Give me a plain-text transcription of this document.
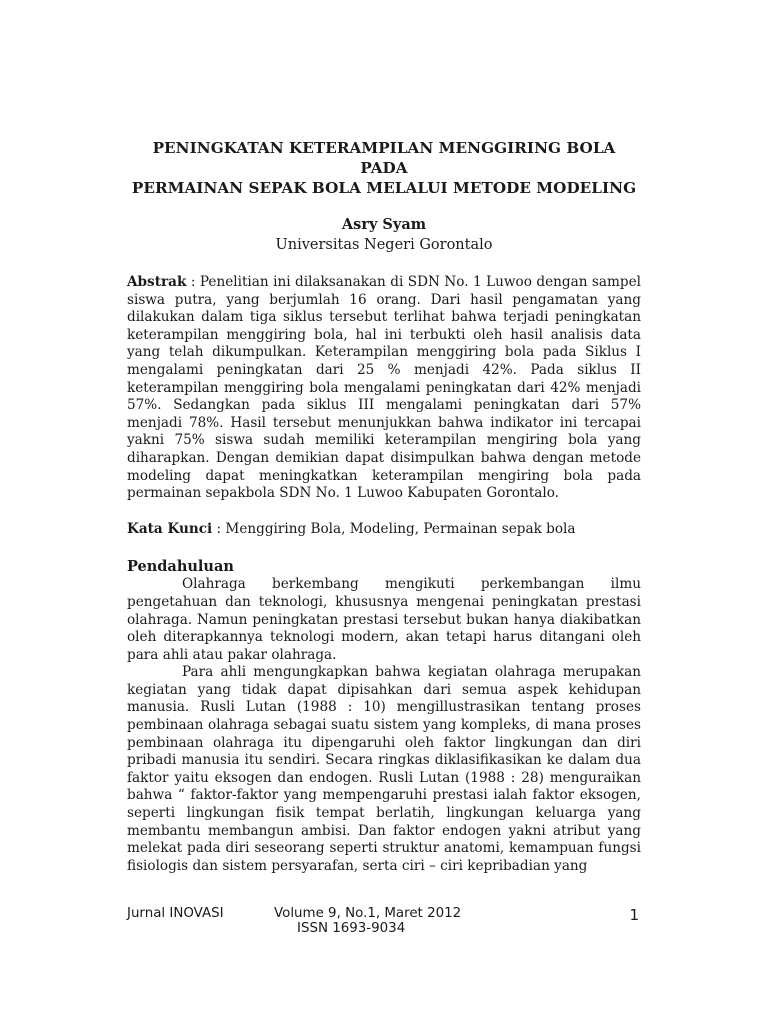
PENINGKATAN KETERAMPILAN MENGGIRING BOLA PADA
PERMAINAN SEPAK BOLA MELALUI METODE MODELING

Asry Syam

Universitas Negeri Gorontalo

Abstrak : Penelitian ini dilaksanakan di SDN No. 1 Luwoo dengan sampel siswa putra, yang berjumlah 16 orang. Dari hasil pengamatan yang dilakukan dalam tiga siklus tersebut terlihat bahwa terjadi peningkatan keterampilan menggiring bola, hal ini terbukti oleh hasil analisis data yang telah dikumpulkan. Keterampilan menggiring bola pada Siklus I mengalami peningkatan dari 25 % menjadi 42%. Pada siklus II keterampilan menggiring bola mengalami peningkatan dari 42% menjadi 57%. Sedangkan pada siklus III mengalami peningkatan dari 57% menjadi 78%. Hasil tersebut menunjukkan bahwa indikator ini tercapai yakni 75% siswa sudah memiliki keterampilan mengiring bola yang diharapkan. Dengan demikian dapat disimpulkan bahwa dengan metode modeling dapat meningkatkan keterampilan mengiring bola pada permainan sepakbola SDN No. 1 Luwoo Kabupaten Gorontalo.

Kata Kunci : Menggiring Bola, Modeling, Permainan sepak bola

Pendahuluan

Olahraga berkembang mengikuti perkembangan ilmu pengetahuan dan teknologi, khususnya mengenai peningkatan prestasi olahraga. Namun peningkatan prestasi tersebut bukan hanya diakibatkan oleh diterapkannya teknologi modern, akan tetapi harus ditangani oleh para ahli atau pakar olahraga.

Para ahli mengungkapkan bahwa kegiatan olahraga merupakan kegiatan yang tidak dapat dipisahkan dari semua aspek kehidupan manusia. Rusli Lutan (1988 : 10) mengillustrasikan tentang proses pembinaan olahraga sebagai suatu sistem yang kompleks, di mana proses pembinaan olahraga itu dipengaruhi oleh faktor lingkungan dan diri pribadi manusia itu sendiri. Secara ringkas diklasifikasikan ke dalam dua faktor yaitu eksogen dan endogen. Rusli Lutan (1988 : 28) menguraikan bahwa “ faktor-faktor yang mempengaruhi prestasi ialah faktor eksogen, seperti lingkungan fisik tempat berlatih, lingkungan keluarga yang membantu membangun ambisi. Dan faktor endogen yakni atribut yang melekat pada diri seseorang seperti struktur anatomi, kemampuan fungsi fisiologis dan sistem persyarafan, serta ciri – ciri kepribadian yang

Jurnal INOVASI	Volume 9, No.1, Maret 2012
ISSN 1693-9034
1
